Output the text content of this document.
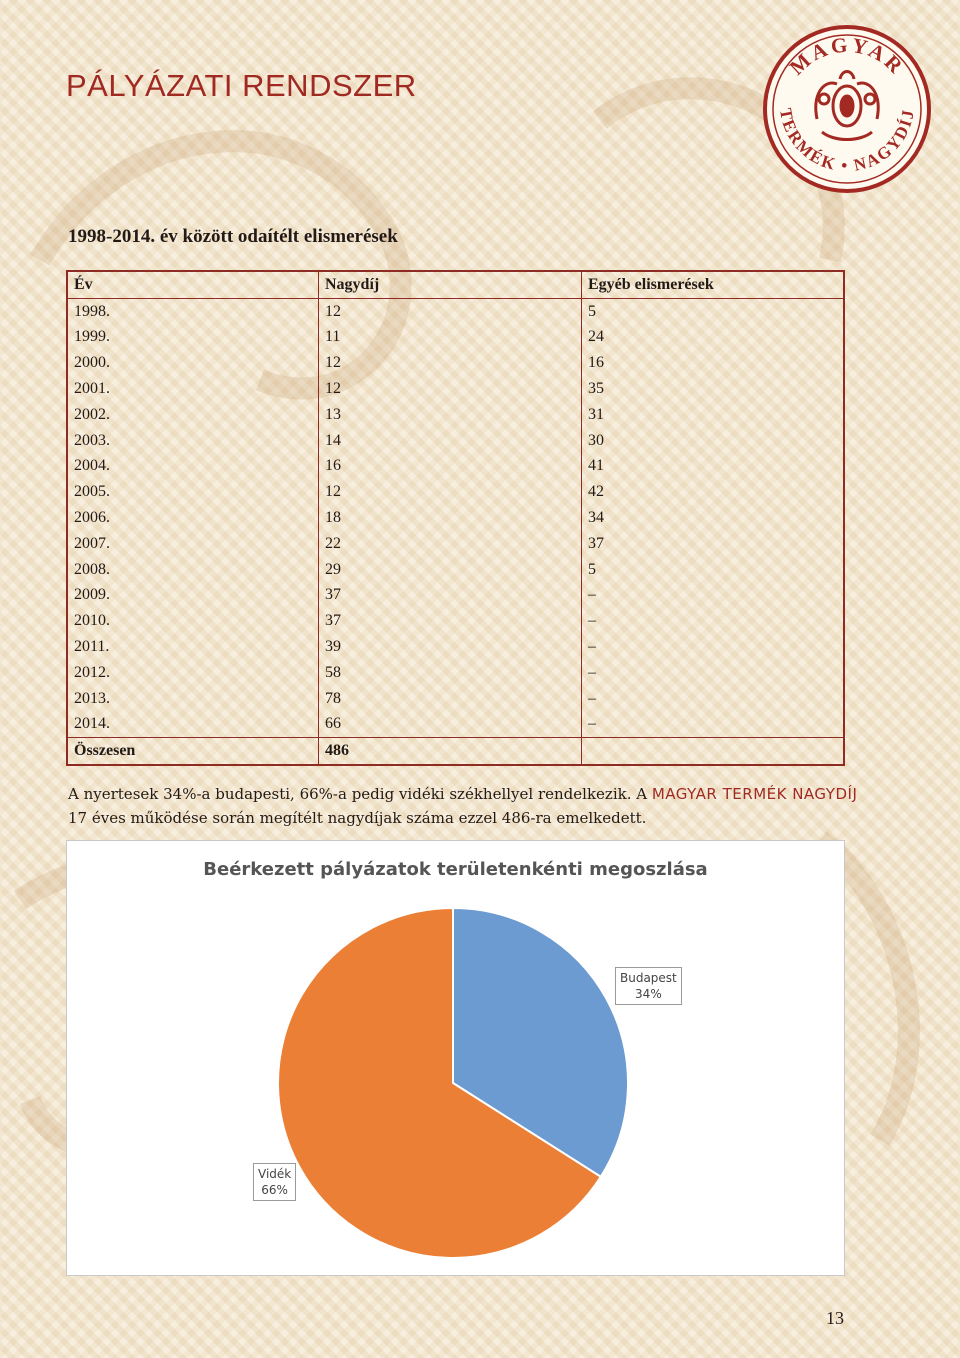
PÁLYÁZATI RENDSZER
MAGYAR
TERMÉK • NAGYDÍJ
1998-2014. év között odaítélt elismerések
Év	Nagydíj	Egyéb elismerések
1998.	12	5
1999.	11	24
2000.	12	16
2001.	12	35
2002.	13	31
2003.	14	30
2004.	16	41
2005.	12	42
2006.	18	34
2007.	22	37
2008.	29	5
2009.	37	–
2010.	37	–
2011.	39	–
2012.	58	–
2013.	78	–
2014.	66	–
Összesen	486	
A nyertesek 34%-a budapesti, 66%-a pedig vidéki székhellyel rendelkezik. A MAGYAR TERMÉK NAGYDÍJ 17 éves működése során megítélt nagydíjak száma ezzel 486-ra emelkedett.
Beérkezett pályázatok területenkénti megoszlása
Budapest
34%
Vidék
66%
13
